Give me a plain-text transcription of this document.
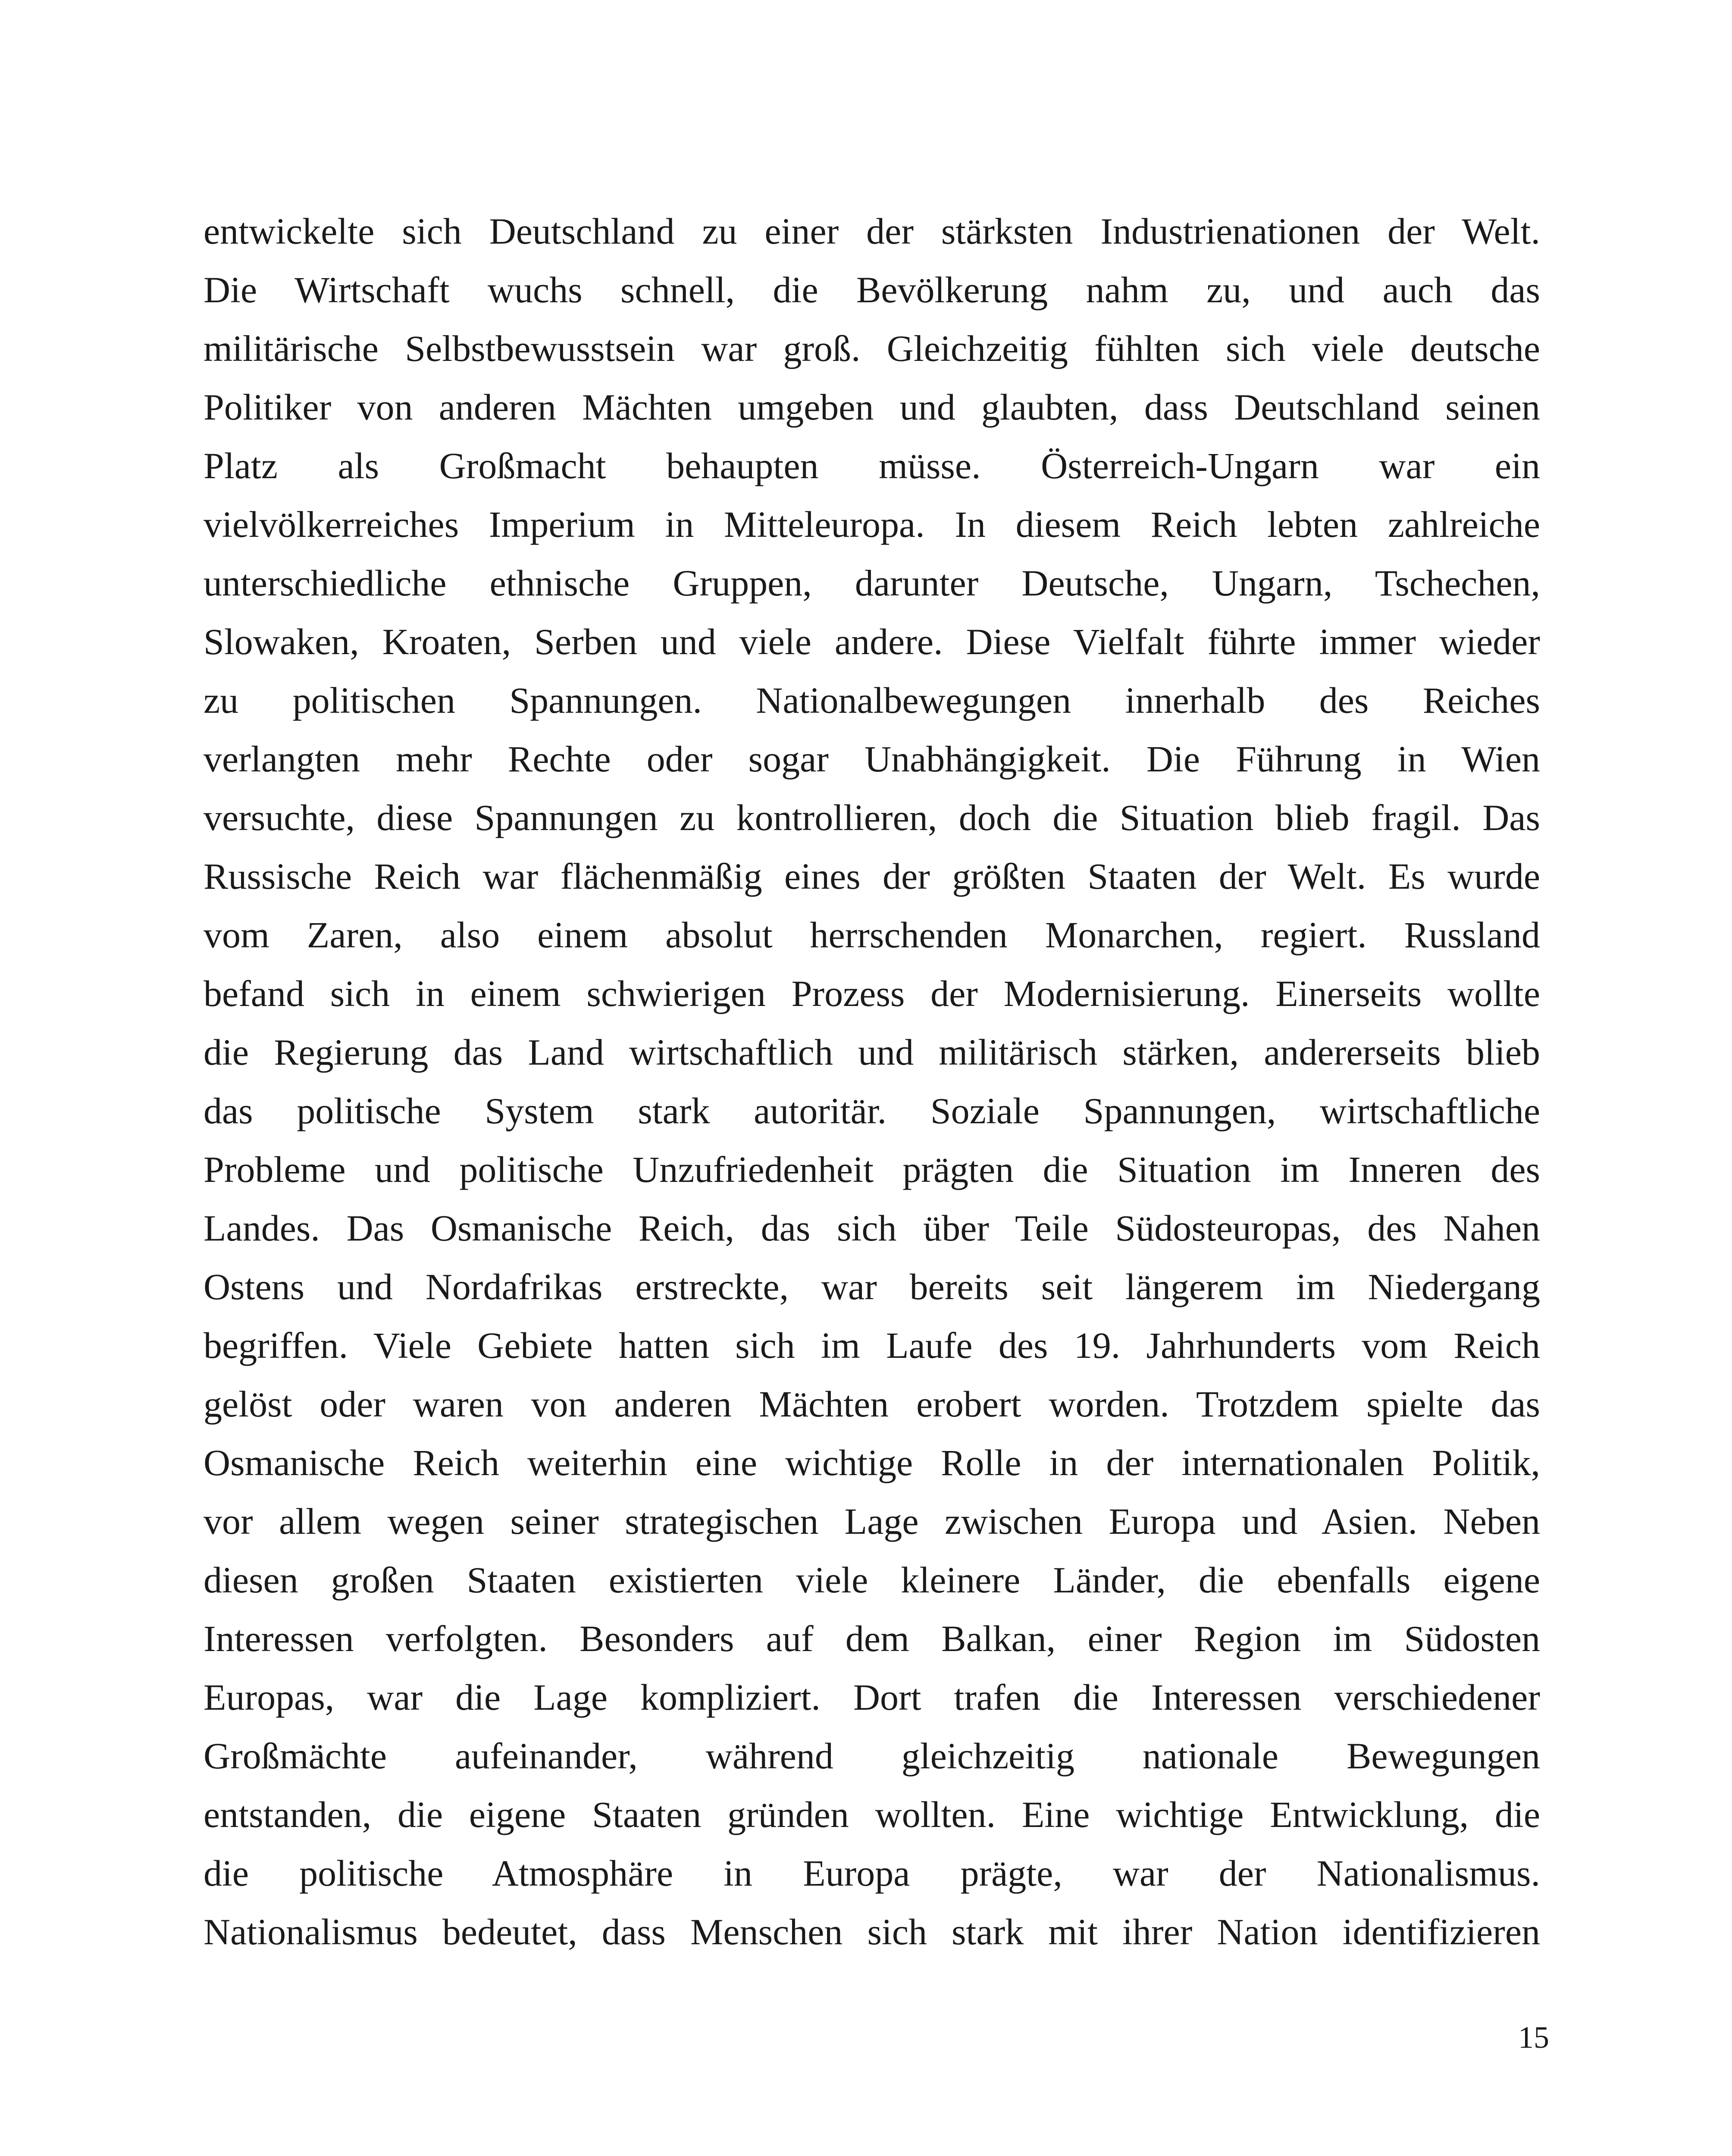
entwickelte sich Deutschland zu einer der stärksten Industrienationen der Welt.
Die Wirtschaft wuchs schnell, die Bevölkerung nahm zu, und auch das
militärische Selbstbewusstsein war groß. Gleichzeitig fühlten sich viele deutsche
Politiker von anderen Mächten umgeben und glaubten, dass Deutschland seinen
Platz als Großmacht behaupten müsse. Österreich-Ungarn war ein
vielvölkerreiches Imperium in Mitteleuropa. In diesem Reich lebten zahlreiche
unterschiedliche ethnische Gruppen, darunter Deutsche, Ungarn, Tschechen,
Slowaken, Kroaten, Serben und viele andere. Diese Vielfalt führte immer wieder
zu politischen Spannungen. Nationalbewegungen innerhalb des Reiches
verlangten mehr Rechte oder sogar Unabhängigkeit. Die Führung in Wien
versuchte, diese Spannungen zu kontrollieren, doch die Situation blieb fragil. Das
Russische Reich war flächenmäßig eines der größten Staaten der Welt. Es wurde
vom Zaren, also einem absolut herrschenden Monarchen, regiert. Russland
befand sich in einem schwierigen Prozess der Modernisierung. Einerseits wollte
die Regierung das Land wirtschaftlich und militärisch stärken, andererseits blieb
das politische System stark autoritär. Soziale Spannungen, wirtschaftliche
Probleme und politische Unzufriedenheit prägten die Situation im Inneren des
Landes. Das Osmanische Reich, das sich über Teile Südosteuropas, des Nahen
Ostens und Nordafrikas erstreckte, war bereits seit längerem im Niedergang
begriffen. Viele Gebiete hatten sich im Laufe des 19. Jahrhunderts vom Reich
gelöst oder waren von anderen Mächten erobert worden. Trotzdem spielte das
Osmanische Reich weiterhin eine wichtige Rolle in der internationalen Politik,
vor allem wegen seiner strategischen Lage zwischen Europa und Asien. Neben
diesen großen Staaten existierten viele kleinere Länder, die ebenfalls eigene
Interessen verfolgten. Besonders auf dem Balkan, einer Region im Südosten
Europas, war die Lage kompliziert. Dort trafen die Interessen verschiedener
Großmächte aufeinander, während gleichzeitig nationale Bewegungen
entstanden, die eigene Staaten gründen wollten. Eine wichtige Entwicklung, die
die politische Atmosphäre in Europa prägte, war der Nationalismus.
Nationalismus bedeutet, dass Menschen sich stark mit ihrer Nation identifizieren

15
